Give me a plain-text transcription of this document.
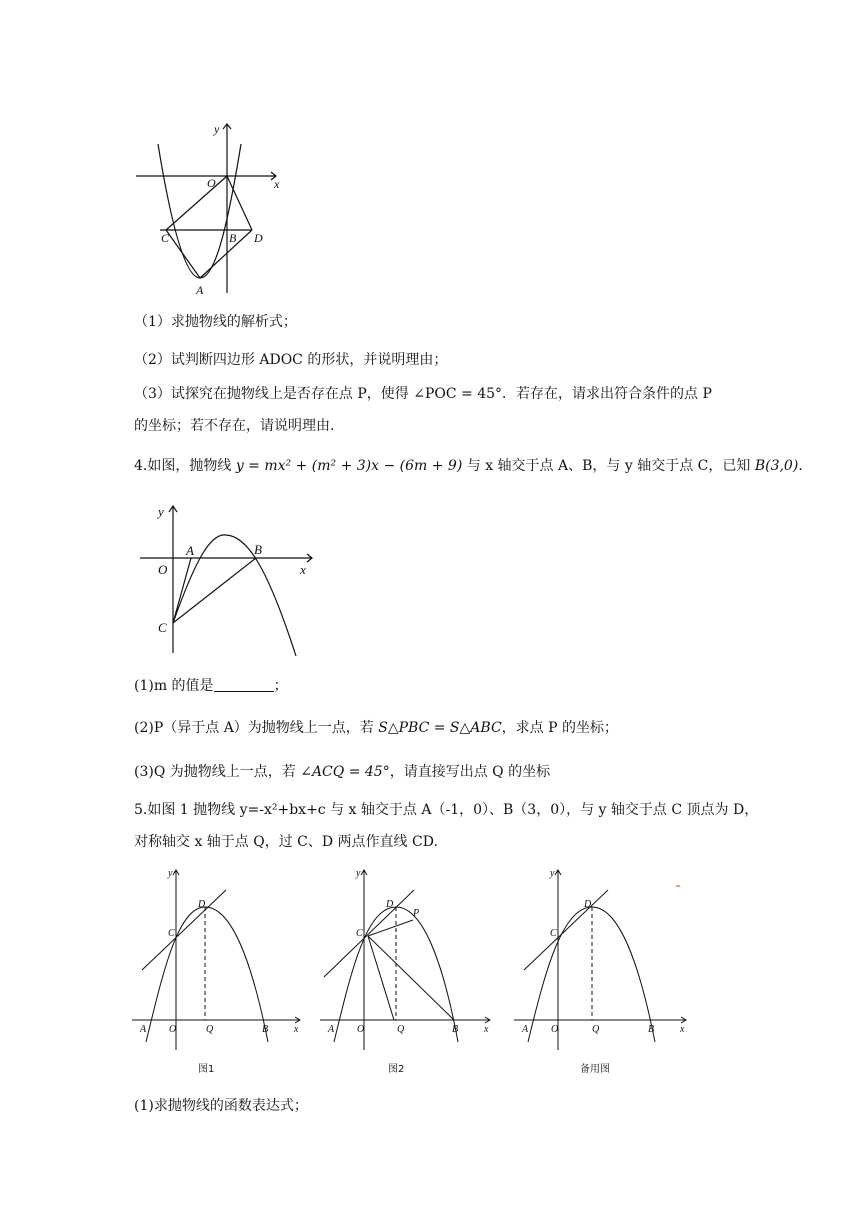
y
x
O
C	B D
A
（1）求抛物线的解析式；
（2）试判断四边形 ADOC 的形状，并说明理由；
（3）试探究在抛物线上是否存在点 P，使得 ∠POC = 45°．若存在，请求出符合条件的点 P
的坐标；若不存在，请说明理由.
4.如图，抛物线 y = mx² + (m² + 3)x − (6m + 9) 与 x 轴交于点 A、B，与 y 轴交于点 C，已知 B(3,0)．
y
x
O
A	B
C
(1)m 的值是	；
(2)P（异于点 A）为抛物线上一点，若 S△PBC = S△ABC，求点 P 的坐标；
(3)Q 为抛物线上一点，若 ∠ACQ = 45°，请直接写出点 Q 的坐标
5.如图 1 抛物线 y=-x²+bx+c 与 x 轴交于点 A（-1，0）、B（3，0），与 y 轴交于点 C 顶点为 D，
对称轴交 x 轴于点 Q，过 C、D 两点作直线 CD.
y
x
A O	Q	B
C
D
y
x
A O	Q	B
C
D
P
y
x
A O	Q	B
C
D
图1	图2	备用图
(1)求抛物线的函数表达式；
